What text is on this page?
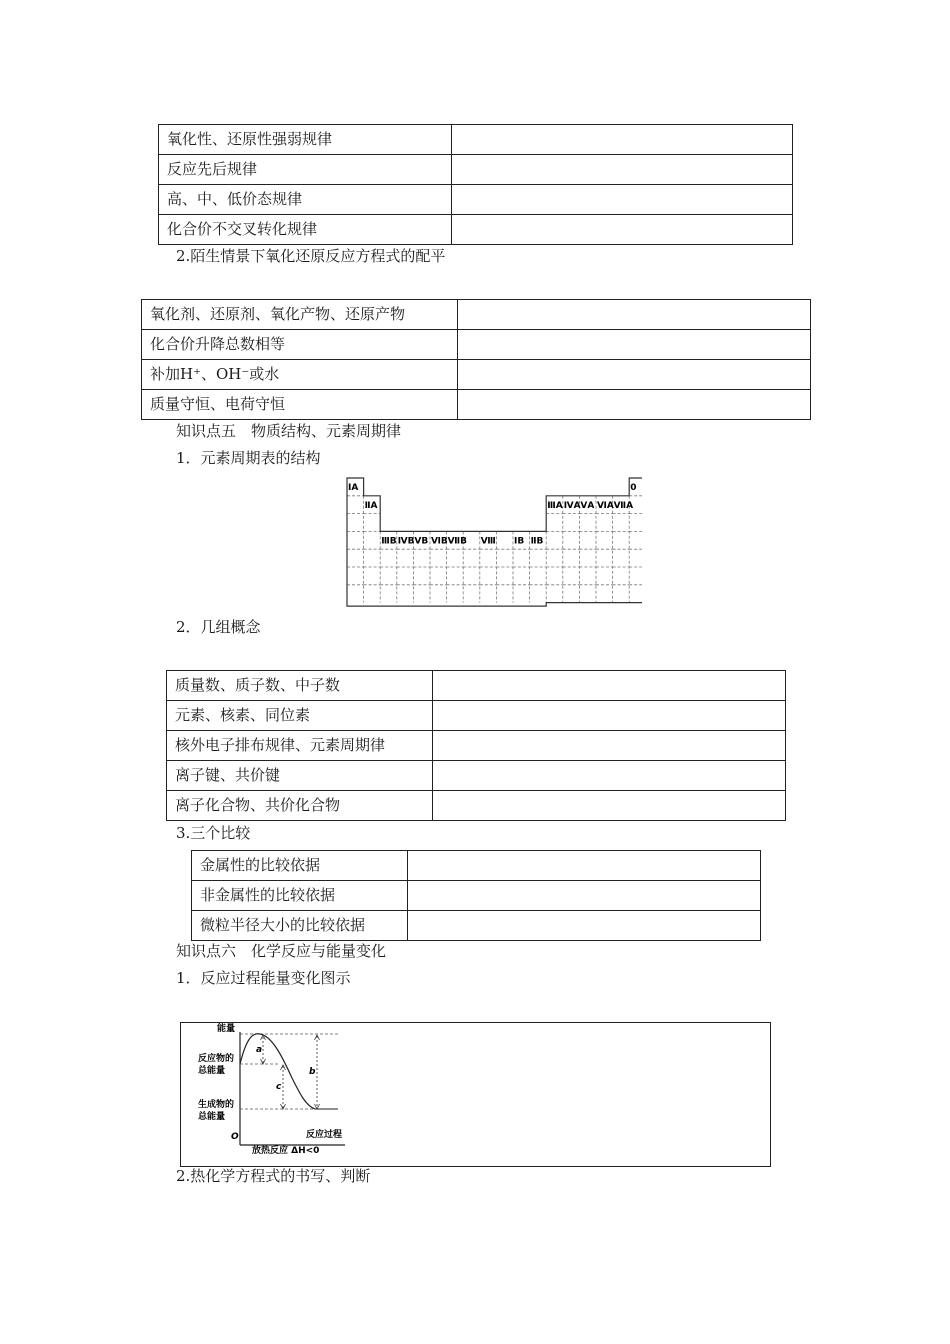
氧化性、还原性强弱规律	
反应先后规律	
高、中、低价态规律	
化合价不交叉转化规律	
2.陌生情景下氧化还原反应方程式的配平
氧化剂、还原剂、氧化产物、还原产物	
化合价升降总数相等	
补加H⁺、OH⁻或水	
质量守恒、电荷守恒	
知识点五　物质结构、元素周期律
1．元素周期表的结构
ⅠA
ⅡA
ⅢB ⅣB ⅤB ⅥB ⅦB Ⅷ ⅠB ⅡB
ⅢA ⅣA ⅤA ⅥA ⅦA
0
2．几组概念
质量数、质子数、中子数	
元素、核素、同位素	
核外电子排布规律、元素周期律	
离子键、共价键	
离子化合物、共价化合物	
3.三个比较
金属性的比较依据	
非金属性的比较依据	
微粒半径大小的比较依据	
知识点六　化学反应与能量变化
1．反应过程能量变化图示
能量
反应物的
总能量
生成物的
总能量
O	反应过程
a
c
b
放热反应 ΔH<0
2.热化学方程式的书写、判断
